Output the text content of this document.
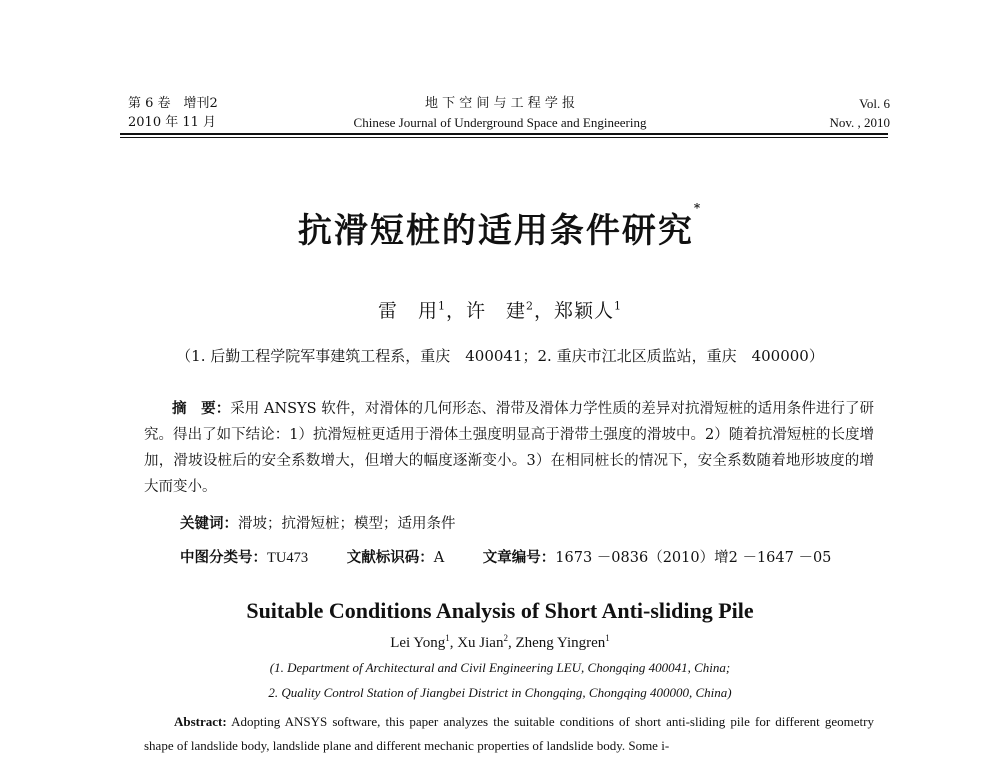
第 6 卷　增刊2
2010 年 11 月
地 下 空 间 与 工 程 学 报
Chinese Journal of Underground Space and Engineering
Vol. 6
Nov. , 2010
抗滑短桩的适用条件研究*
雷　用$^1$，许　建$^2$，郑颖人$^1$
（1. 后勤工程学院军事建筑工程系，重庆　400041；2. 重庆市江北区质监站，重庆　400000）
摘　要：采用 ANSYS 软件，对滑体的几何形态、滑带及滑体力学性质的差异对抗滑短桩的适用条件进行了研究。得出了如下结论：1）抗滑短桩更适用于滑体土强度明显高于滑带土强度的滑坡中。2）随着抗滑短桩的长度增加，滑坡设桩后的安全系数增大，但增大的幅度逐渐变小。3）在相同桩长的情况下，安全系数随着地形坡度的增大而变小。
关键词：滑坡；抗滑短桩；模型；适用条件
中图分类号：TU473	文献标识码：A	文章编号：1673 －0836（2010）增2 －1647 －05
Suitable Conditions Analysis of Short Anti-sliding Pile
Lei Yong$^1$, Xu Jian$^2$, Zheng Yingren$^1$
(1. Department of Architectural and Civil Engineering LEU, Chongqing 400041, China;
2. Quality Control Station of Jiangbei District in Chongqing, Chongqing 400000, China)
Abstract: Adopting ANSYS software, this paper analyzes the suitable conditions of short anti-sliding pile for different geometry shape of landslide body, landslide plane and different mechanic properties of landslide body. Some i-
